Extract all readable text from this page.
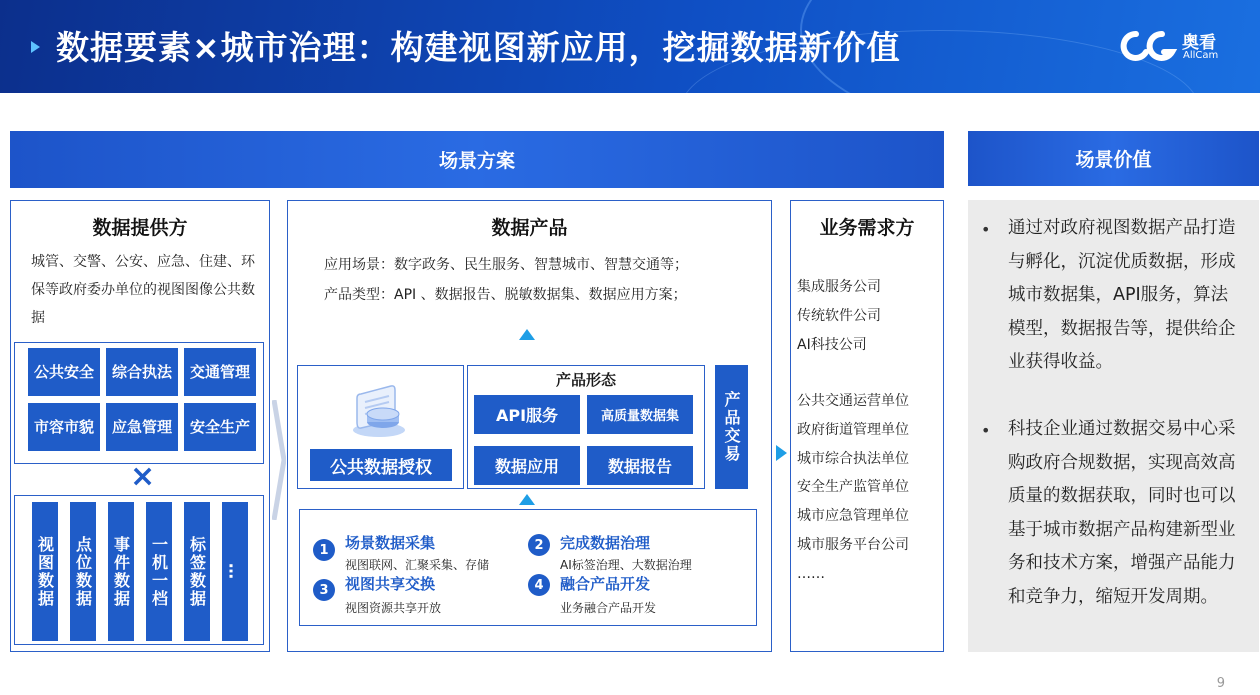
数据要素×城市治理：构建视图新应用，挖掘数据新价值	奥看
AllCam
场景方案	场景价值
数据提供方
城管、交警、公安、应急、住建、环保等政府委办单位的视图图像公共数据
公共安全 综合执法 交通管理
市容市貌 应急管理 安全生产
视图数据 点位数据 事件数据 一机一档 标签数据 …
×
数据产品
应用场景：数字政务、民生服务、智慧城市、智慧交通等；
产品类型：API 、数据报告、脱敏数据集、数据应用方案；
公共数据授权
产品形态
API服务	高质量数据集
数据应用	数据报告
产品交易
1	场景数据采集
视图联网、汇聚采集、存储
2	完成数据治理
AI标签治理、大数据治理
3	视图共享交换
视图资源共享开放
4	融合产品开发
业务融合产品开发
业务需求方
集成服务公司
传统软件公司
AI科技公司
公共交通运营单位
政府街道管理单位
城市综合执法单位
安全生产监管单位
城市应急管理单位
城市服务平台公司
……
• 通过对政府视图数据产品打造与孵化，沉淀优质数据，形成城市数据集，API服务，算法模型，数据报告等，提供给企业获得收益。
• 科技企业通过数据交易中心采购政府合规数据，实现高效高质量的数据获取，同时也可以基于城市数据产品构建新型业务和技术方案，增强产品能力和竞争力，缩短开发周期。
9
